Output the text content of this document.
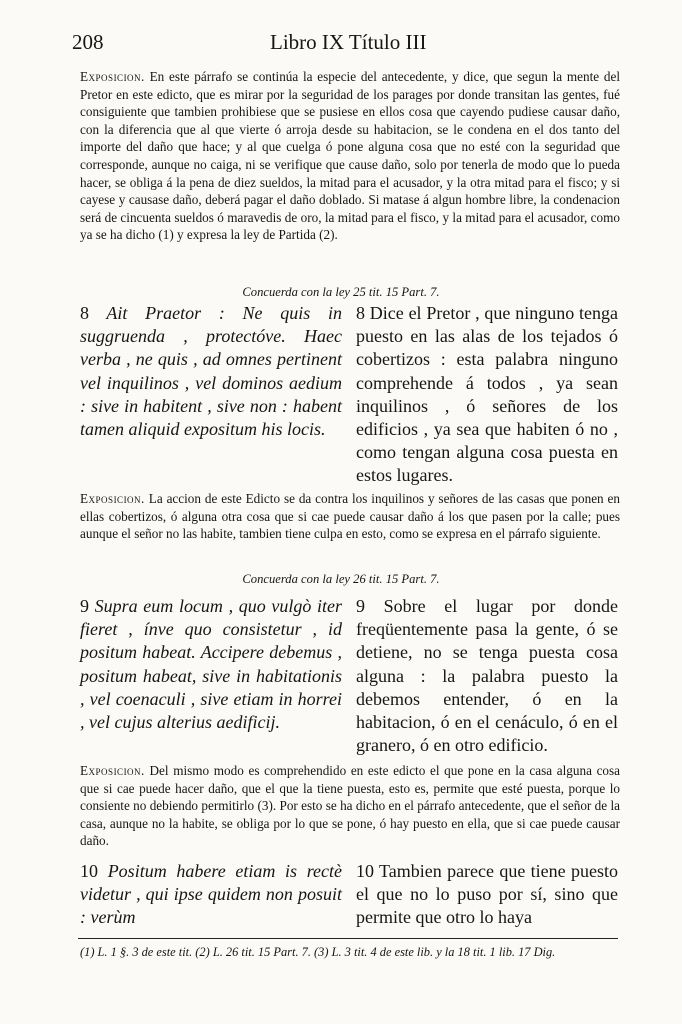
208	Libro IX Título III
Exposicion. En este párrafo se continúa la especie del antecedente, y dice, que segun la mente del Pretor en este edicto, que es mirar por la seguridad de los parages por donde transitan las gentes, fué consiguiente que tambien prohibiese que se pusiese en ellos cosa que cayendo pudiese causar daño, con la diferencia que al que vierte ó arroja desde su habitacion, se le condena en el dos tanto del importe del daño que hace; y al que cuelga ó pone alguna cosa que no esté con la seguridad que corresponde, aunque no caiga, ni se verifique que cause daño, solo por tenerla de modo que lo pueda hacer, se obliga á la pena de diez sueldos, la mitad para el acusador, y la otra mitad para el fisco; y si cayese y causase daño, deberá pagar el daño doblado. Si matase á algun hombre libre, la condenacion será de cincuenta sueldos ó maravedis de oro, la mitad para el fisco, y la mitad para el acusador, como ya se ha dicho (1) y expresa la ley de Partida (2).
Concuerda con la ley 25 tit. 15 Part. 7.
8 Ait Praetor : Ne quis in suggruenda , protectóve. Haec verba , ne quis , ad omnes pertinent vel inquilinos , vel dominos aedium : sive in habitent , sive non : habent tamen aliquid expositum his locis.
8 Dice el Pretor , que ninguno tenga puesto en las alas de los tejados ó cobertizos : esta palabra ninguno comprehende á todos , ya sean inquilinos , ó señores de los edificios , ya sea que habiten ó no , como tengan alguna cosa puesta en estos lugares.
Exposicion. La accion de este Edicto se da contra los inquilinos y señores de las casas que ponen en ellas cobertizos, ó alguna otra cosa que si cae puede causar daño á los que pasen por la calle; pues aunque el señor no las habite, tambien tiene culpa en esto, como se expresa en el párrafo siguiente.
Concuerda con la ley 26 tit. 15 Part. 7.
9 Supra eum locum , quo vulgò iter fieret , ínve quo consistetur , id positum habeat. Accipere debemus , positum habeat, sive in habitationis , vel coenaculi , sive etiam in horrei , vel cujus alterius aedificij.
9 Sobre el lugar por donde freqüentemente pasa la gente, ó se detiene, no se tenga puesta cosa alguna : la palabra puesto la debemos entender, ó en la habitacion, ó en el cenáculo, ó en el granero, ó en otro edificio.
Exposicion. Del mismo modo es comprehendido en este edicto el que pone en la casa alguna cosa que si cae puede hacer daño, que el que la tiene puesta, esto es, permite que esté puesta, porque lo consiente no debiendo permitirlo (3). Por esto se ha dicho en el párrafo antecedente, que el señor de la casa, aunque no la habite, se obliga por lo que se pone, ó hay puesto en ella, que si cae puede causar daño.
10 Positum habere etiam is rectè videtur , qui ipse quidem non posuit : verùm
10 Tambien parece que tiene puesto el que no lo puso por sí, sino que permite que otro lo haya
(1) L. 1 §. 3 de este tit. (2) L. 26 tit. 15 Part. 7. (3) L. 3 tit. 4 de este lib. y la 18 tit. 1 lib. 17 Dig.
